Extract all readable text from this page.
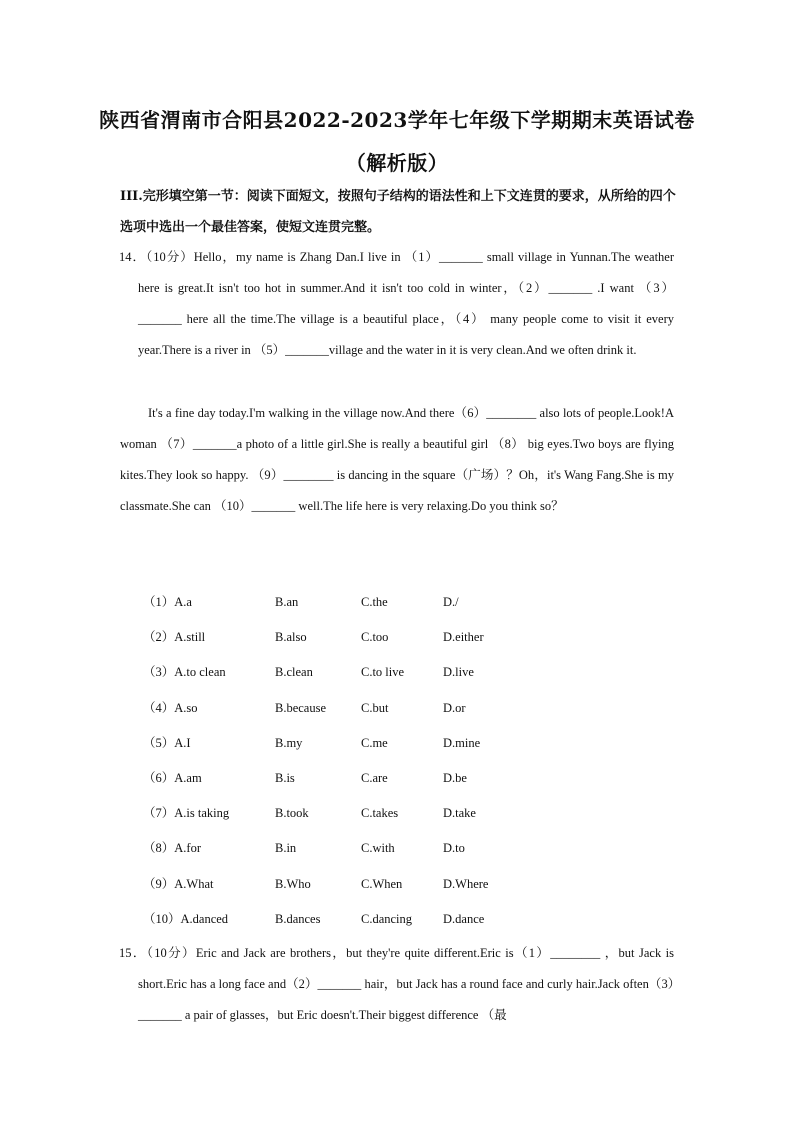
陕西省渭南市合阳县2022-2023学年七年级下学期期末英语试卷
（解析版）
III.完形填空第一节：阅读下面短文，按照句子结构的语法性和上下文连贯的要求，从所给的四个选项中选出一个最佳答案，使短文连贯完整。
14．（10分）Hello，my name is Zhang Dan.I live in （1）_______ small village in Yunnan.The weather here is great.It isn't too hot in summer.And it isn't too cold in winter，（2）_______ .I want （3）_______ here all the time.The village is a beautiful place，（4） many people come to visit it every year.There is a river in （5）_______village and the water in it is very clean.And we often drink it.
It's a fine day today.I'm walking in the village now.And there（6）________ also lots of people.Look!A woman （7）_______a photo of a little girl.She is really a beautiful girl （8） big eyes.Two boys are flying kites.They look so happy. （9）________ is dancing in the square（广场）？Oh，it's Wang Fang.She is my classmate.She can （10）_______ well.The life here is very relaxing.Do you think so？
（1）A.a	B.an	C.the	D./
（2）A.still	B.also	C.too	D.either
（3）A.to clean	B.clean	C.to live	D.live
（4）A.so	B.because	C.but	D.or
（5）A.I	B.my	C.me	D.mine
（6）A.am	B.is	C.are	D.be
（7）A.is taking	B.took	C.takes	D.take
（8）A.for	B.in	C.with	D.to
（9）A.What	B.Who	C.When	D.Where
（10）A.danced	B.dances	C.dancing D.dance
15．（10分）Eric and Jack are brothers，but they're quite different.Eric is（1）________ ，but Jack is short.Eric has a long face and（2）_______ hair，but Jack has a round face and curly hair.Jack often（3）_______ a pair of glasses，but Eric doesn't.Their biggest difference （最
